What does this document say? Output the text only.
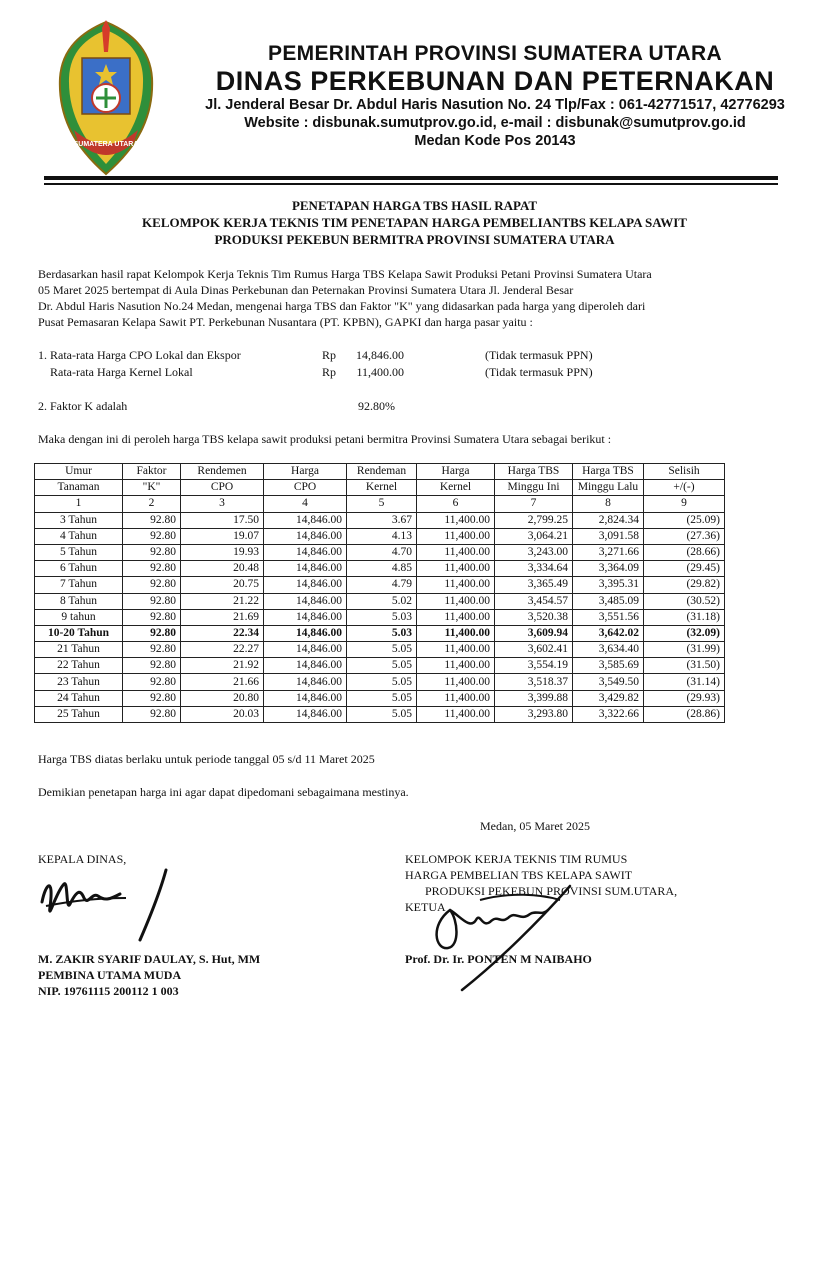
SUMATERA UTARA
PEMERINTAH PROVINSI SUMATERA UTARA
DINAS PERKEBUNAN DAN PETERNAKAN
Jl. Jenderal Besar Dr. Abdul Haris Nasution No. 24 Tlp/Fax : 061-42771517, 42776293
Website : disbunak.sumutprov.go.id, e-mail : disbunak@sumutprov.go.id
Medan Kode Pos 20143
PENETAPAN HARGA TBS HASIL RAPAT
KELOMPOK KERJA TEKNIS TIM PENETAPAN HARGA PEMBELIANTBS KELAPA SAWIT
PRODUKSI PEKEBUN BERMITRA PROVINSI SUMATERA UTARA
Berdasarkan hasil rapat Kelompok Kerja Teknis Tim Rumus Harga TBS Kelapa Sawit Produksi Petani Provinsi Sumatera Utara
05 Maret 2025 bertempat di Aula Dinas Perkebunan dan Peternakan Provinsi Sumatera Utara Jl. Jenderal Besar
Dr. Abdul Haris Nasution No.24 Medan, mengenai harga TBS dan Faktor "K" yang didasarkan pada harga yang diperoleh dari
Pusat Pemasaran Kelapa Sawit PT. Perkebunan Nusantara (PT. KPBN), GAPKI dan harga pasar yaitu :
1. Rata-rata Harga CPO Lokal dan Ekspor	Rp	14,846.00	(Tidak termasuk PPN)
Rata-rata Harga Kernel Lokal	Rp	11,400.00	(Tidak termasuk PPN)
2. Faktor K adalah	92.80%
Maka dengan ini di peroleh harga TBS kelapa sawit produksi petani bermitra Provinsi Sumatera Utara sebagai berikut :
Umur	Faktor	Rendemen	Harga	Rendeman	Harga	Harga TBS	Harga TBS	Selisih
Tanaman	"K"	CPO	CPO	Kernel	Kernel	Minggu Ini	Minggu Lalu	+/(-)
1	2	3	4	5	6	7	8	9
3 Tahun	92.80	17.50	14,846.00	3.67	11,400.00	2,799.25	2,824.34	(25.09)
4 Tahun	92.80	19.07	14,846.00	4.13	11,400.00	3,064.21	3,091.58	(27.36)
5 Tahun	92.80	19.93	14,846.00	4.70	11,400.00	3,243.00	3,271.66	(28.66)
6 Tahun	92.80	20.48	14,846.00	4.85	11,400.00	3,334.64	3,364.09	(29.45)
7 Tahun	92.80	20.75	14,846.00	4.79	11,400.00	3,365.49	3,395.31	(29.82)
8 Tahun	92.80	21.22	14,846.00	5.02	11,400.00	3,454.57	3,485.09	(30.52)
9 tahun	92.80	21.69	14,846.00	5.03	11,400.00	3,520.38	3,551.56	(31.18)
10-20 Tahun	92.80	22.34	14,846.00	5.03	11,400.00	3,609.94	3,642.02	(32.09)
21 Tahun	92.80	22.27	14,846.00	5.05	11,400.00	3,602.41	3,634.40	(31.99)
22 Tahun	92.80	21.92	14,846.00	5.05	11,400.00	3,554.19	3,585.69	(31.50)
23 Tahun	92.80	21.66	14,846.00	5.05	11,400.00	3,518.37	3,549.50	(31.14)
24 Tahun	92.80	20.80	14,846.00	5.05	11,400.00	3,399.88	3,429.82	(29.93)
25 Tahun	92.80	20.03	14,846.00	5.05	11,400.00	3,293.80	3,322.66	(28.86)
Harga TBS diatas berlaku untuk periode tanggal 05 s/d 11 Maret 2025
Demikian penetapan harga ini agar dapat dipedomani sebagaimana mestinya.
Medan, 05 Maret 2025
KEPALA DINAS,
M. ZAKIR SYARIF DAULAY, S. Hut, MM
PEMBINA UTAMA MUDA
NIP. 19761115 200112 1 003
KELOMPOK KERJA TEKNIS TIM RUMUS
HARGA PEMBELIAN TBS KELAPA SAWIT
PRODUKSI PEKEBUN PROVINSI SUM.UTARA,
KETUA
Prof. Dr. Ir. PONTEN M NAIBAHO
